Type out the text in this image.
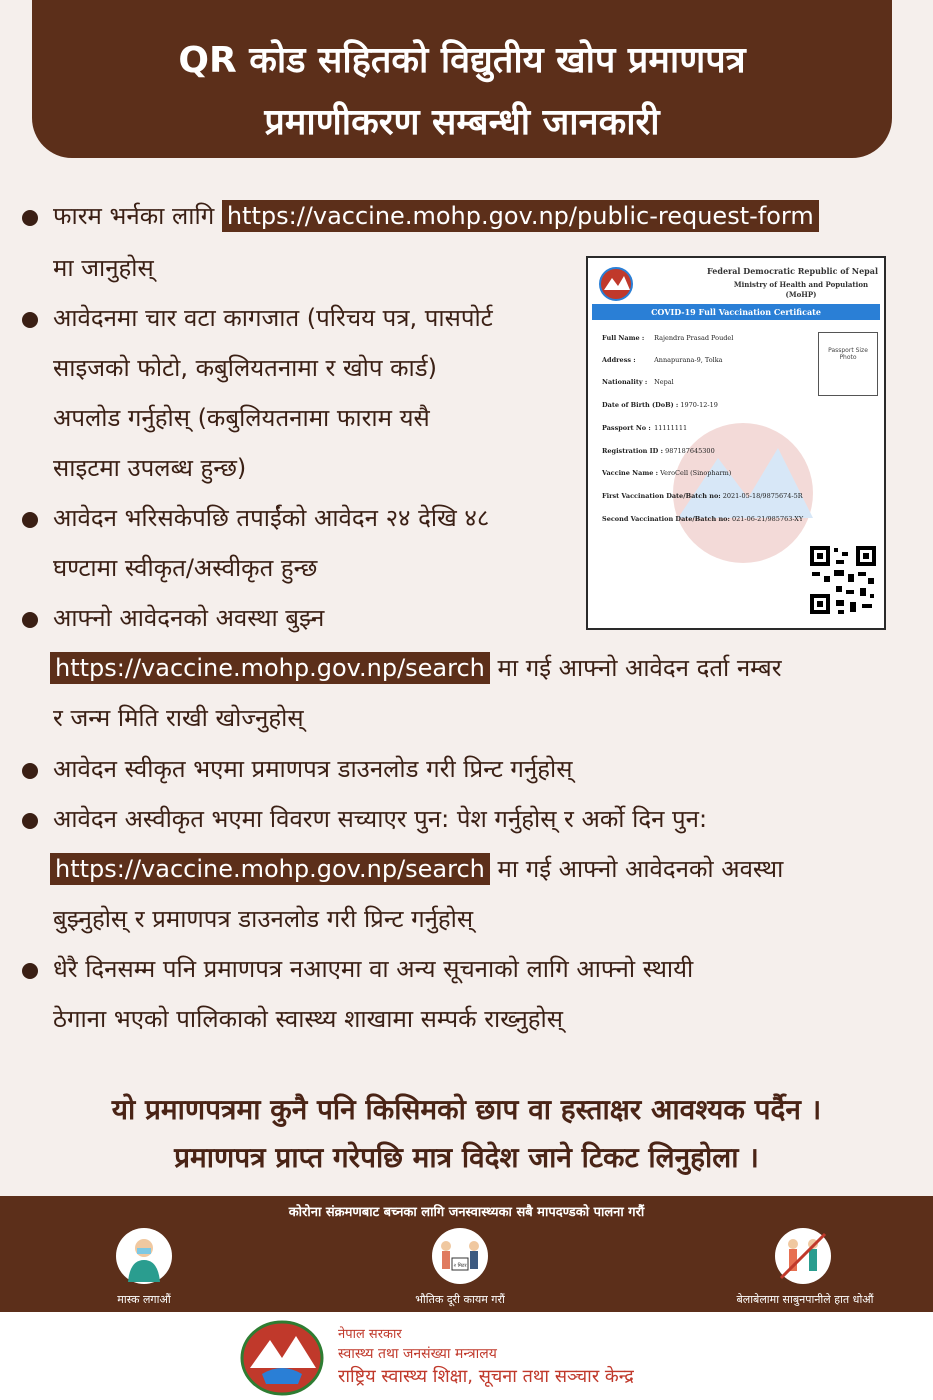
QR कोड सहितको विद्युतीय खोप प्रमाणपत्र
प्रमाणीकरण सम्बन्धी जानकारी
फारम भर्नका लागि https://vaccine.mohp.gov.np/public-request-form
मा जानुहोस्
आवेदनमा चार वटा कागजात (परिचय पत्र, पासपोर्ट
साइजको फोटो, कबुलियतनामा र खोप कार्ड)
अपलोड गर्नुहोस् (कबुलियतनामा फाराम यसै
साइटमा उपलब्ध हुन्छ)
आवेदन भरिसकेपछि तपाईंको आवेदन २४ देखि ४८
घण्टामा स्वीकृत/अस्वीकृत हुन्छ
आफ्नो आवेदनको अवस्था बुझ्न
https://vaccine.mohp.gov.np/search मा गई आफ्नो आवेदन दर्ता नम्बर
र जन्म मिति राखी खोज्नुहोस्
आवेदन स्वीकृत भएमा प्रमाणपत्र डाउनलोड गरी प्रिन्ट गर्नुहोस्
आवेदन अस्वीकृत भएमा विवरण सच्याएर पुन: पेश गर्नुहोस् र अर्को दिन पुन:
https://vaccine.mohp.gov.np/search मा गई आफ्नो आवेदनको अवस्था
बुझ्नुहोस् र प्रमाणपत्र डाउनलोड गरी प्रिन्ट गर्नुहोस्
धेरै दिनसम्म पनि प्रमाणपत्र नआएमा वा अन्य सूचनाको लागि आफ्नो स्थायी
ठेगाना भएको पालिकाको स्वास्थ्य शाखामा सम्पर्क राख्नुहोस्
Federal Democratic Republic of Nepal
Ministry of Health and Population (MoHP)
COVID-19 Full Vaccination Certificate
Passport Size Photo
Full Name : Rajendra Prasad Poudel
Address :	Annapurana-9, Tolka
Nationality : Nepal
Date of Birth (DoB) : 1970-12-19
Passport No : 11111111
Registration ID : 987187645300
Vaccine Name : VeroCell (Sinopharm)
First Vaccination Date/Batch no: 2021-05-18/9875674-5R
Second Vaccination Date/Batch no: 021-06-21/985763-XY
यो प्रमाणपत्रमा कुनै पनि किसिमको छाप वा हस्ताक्षर आवश्यक पर्दैन ।
प्रमाणपत्र प्राप्त गरेपछि मात्र विदेश जाने टिकट लिनुहोला ।
कोरोना संक्रमणबाट बच्नका लागि जनस्वास्थ्यका सबै मापदण्डको पालना गरौं
२ मिटर
मास्क लगाऔं	भौतिक दूरी कायम गरौं	बेलाबेलामा साबुनपानीले हात धोऔं
नेपाल सरकार
स्वास्थ्य तथा जनसंख्या मन्त्रालय
राष्ट्रिय स्वास्थ्य शिक्षा, सूचना तथा सञ्चार केन्द्र
